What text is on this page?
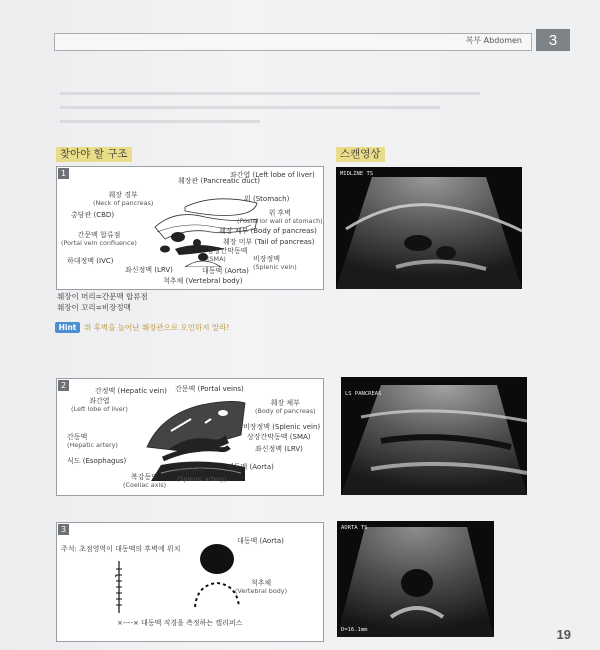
복부 Abdomen	3
찾아야 할 구조	스캔영상
1
췌장관 (Pancreatic duct)
좌간엽 (Left lobe of liver)
위 (Stomach)
췌장 경부
(Neck of pancreas)
총담관 (CBD)	위 후벽
(Posterior wall of stomach)
췌장 체부 (Body of pancreas)
간문맥 합류점
(Portal vein confluence)	췌장 미부 (Tail of pancreas)
상장간막동맥
(SMA)
하대정맥 (IVC)	비장정맥
(Splenic vein)
좌신정맥 (LRV)	대동맥 (Aorta)
척추체 (Vertebral body)
췌장이 머리=간문맥 합류점
췌장이 꼬리=비장정맥
Hint	위 후벽을 늘어난 췌장관으로 오인하지 말라!
2
간정맥 (Hepatic vein) 간문맥 (Portal veins)
좌간엽
(Left lobe of liver)
췌장 체부
(Body of pancreas)
간동맥
(Hepatic artery)
비장정맥 (Splenic vein)
상장간막동맥 (SMA)
좌신정맥 (LRV)
식도 (Esophagus)
대동맥 (Aorta)
비장동맥
(Splenic artery)
복강동맥
(Coeliac axis)
3
주석: 초점영역이 대동맥의 후벽에 위치
대동맥 (Aorta)
척추체
(Vertebral body)
×----× 대동맥 직경을 측정하는 캘리퍼스
MIDLINE TS
LS PANCREAS
AORTA TS
D=16.1mm	19
